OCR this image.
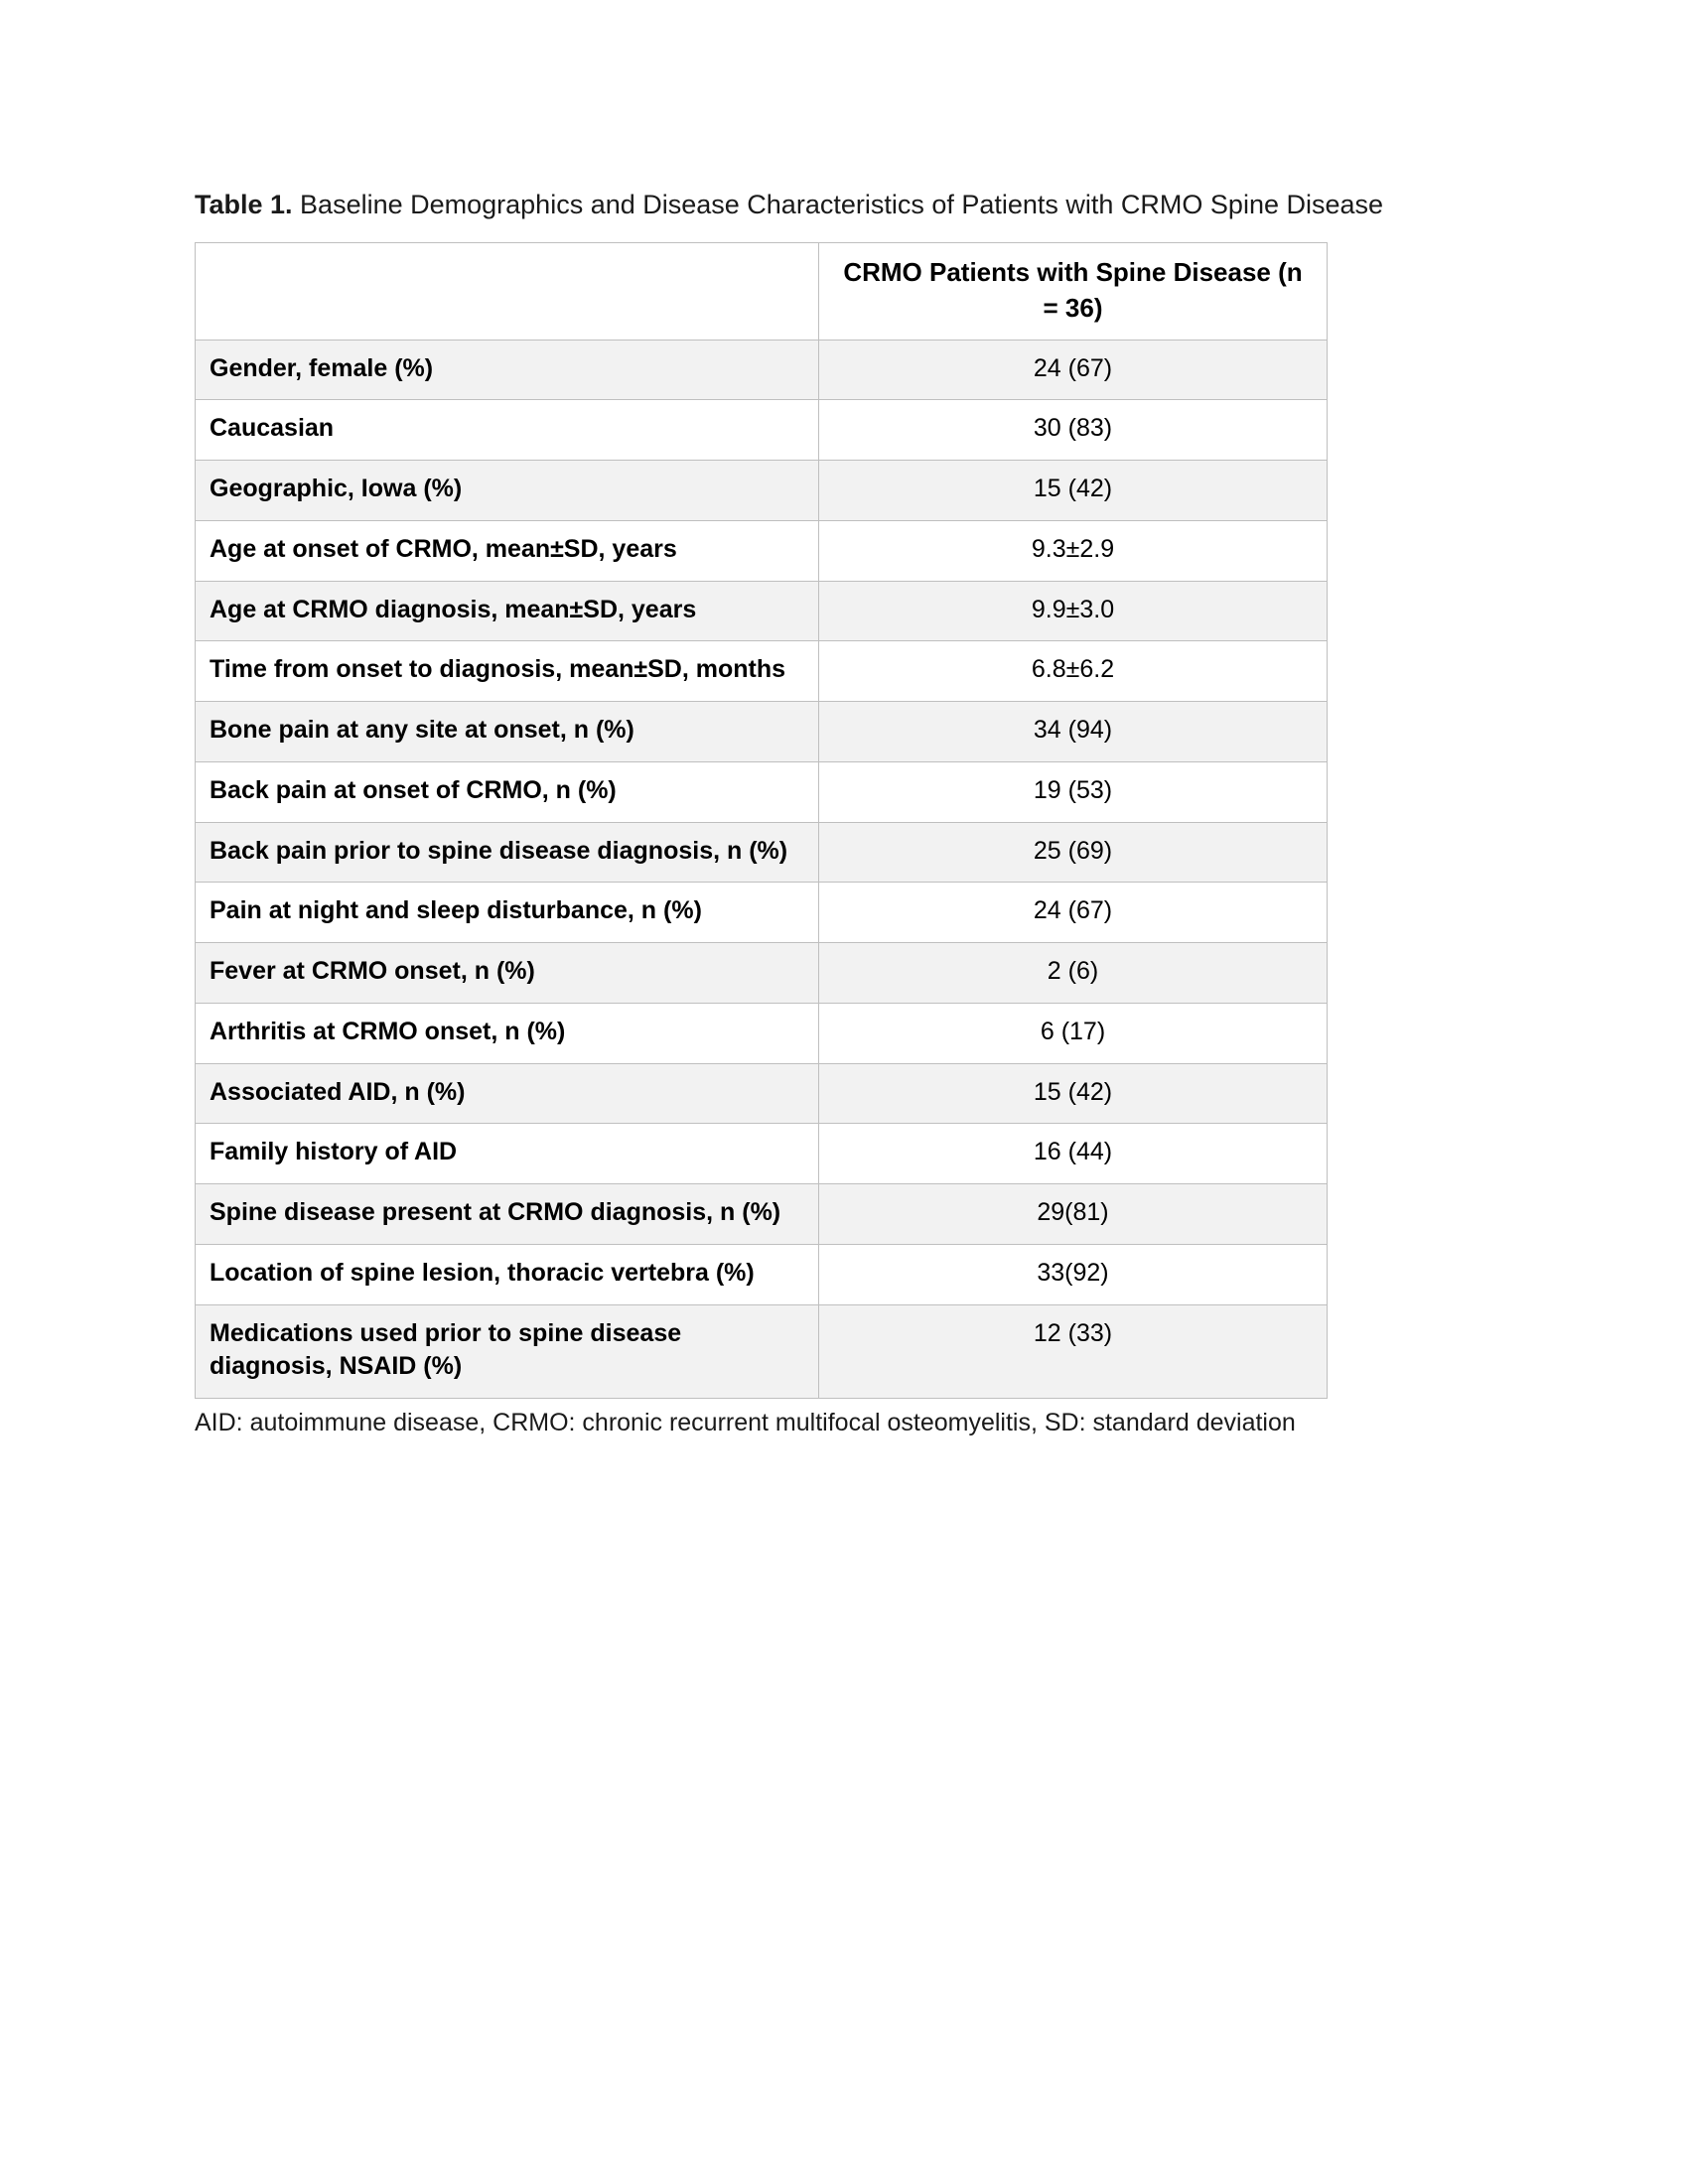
Table 1. Baseline Demographics and Disease Characteristics of Patients with CRMO Spine Disease
	CRMO Patients with Spine Disease (n = 36)
Gender, female (%)	24 (67)
Caucasian	30 (83)
Geographic, Iowa (%)	15 (42)
Age at onset of CRMO, mean±SD, years	9.3±2.9
Age at CRMO diagnosis, mean±SD, years	9.9±3.0
Time from onset to diagnosis, mean±SD, months	6.8±6.2
Bone pain at any site at onset, n (%)	34 (94)
Back pain at onset of CRMO, n (%)	19 (53)
Back pain prior to spine disease diagnosis, n (%)	25 (69)
Pain at night and sleep disturbance, n (%)	24 (67)
Fever at CRMO onset, n (%)	2 (6)
Arthritis at CRMO onset, n (%)	6 (17)
Associated AID, n (%)	15 (42)
Family history of AID	16 (44)
Spine disease present at CRMO diagnosis, n (%)	29(81)
Location of spine lesion, thoracic vertebra (%)	33(92)
Medications used prior to spine disease diagnosis, NSAID (%)	12 (33)
AID: autoimmune disease, CRMO: chronic recurrent multifocal osteomyelitis, SD: standard deviation
